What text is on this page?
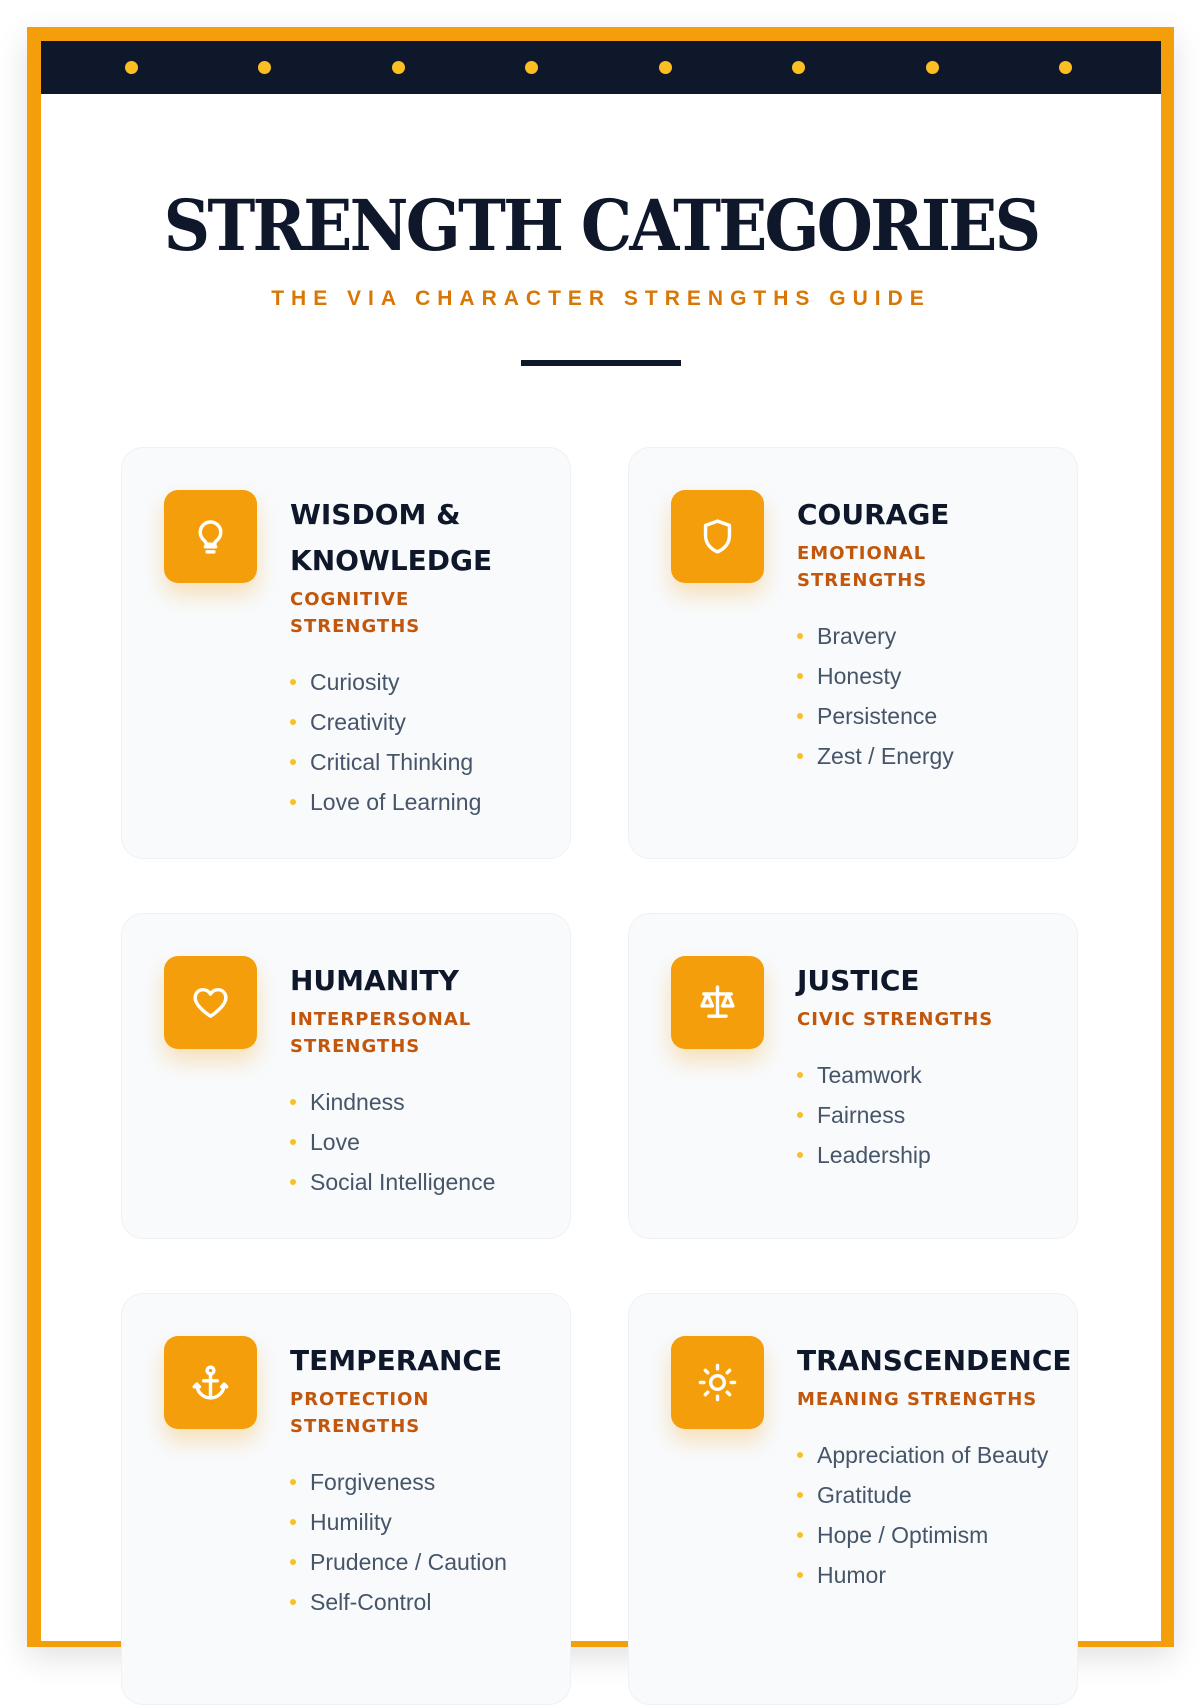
STRENGTH CATEGORIES
THE VIA CHARACTER STRENGTHS GUIDE
WISDOM & KNOWLEDGE
COGNITIVE STRENGTHS
Curiosity
Creativity
Critical Thinking
Love of Learning
COURAGE
EMOTIONAL STRENGTHS
Bravery
Honesty
Persistence
Zest / Energy
HUMANITY
INTERPERSONAL STRENGTHS
Kindness
Love
Social Intelligence
JUSTICE
CIVIC STRENGTHS
Teamwork
Fairness
Leadership
TEMPERANCE
PROTECTION STRENGTHS
Forgiveness
Humility
Prudence / Caution
Self-Control
TRANSCENDENCE
MEANING STRENGTHS
Appreciation of Beauty
Gratitude
Hope / Optimism
Humor
